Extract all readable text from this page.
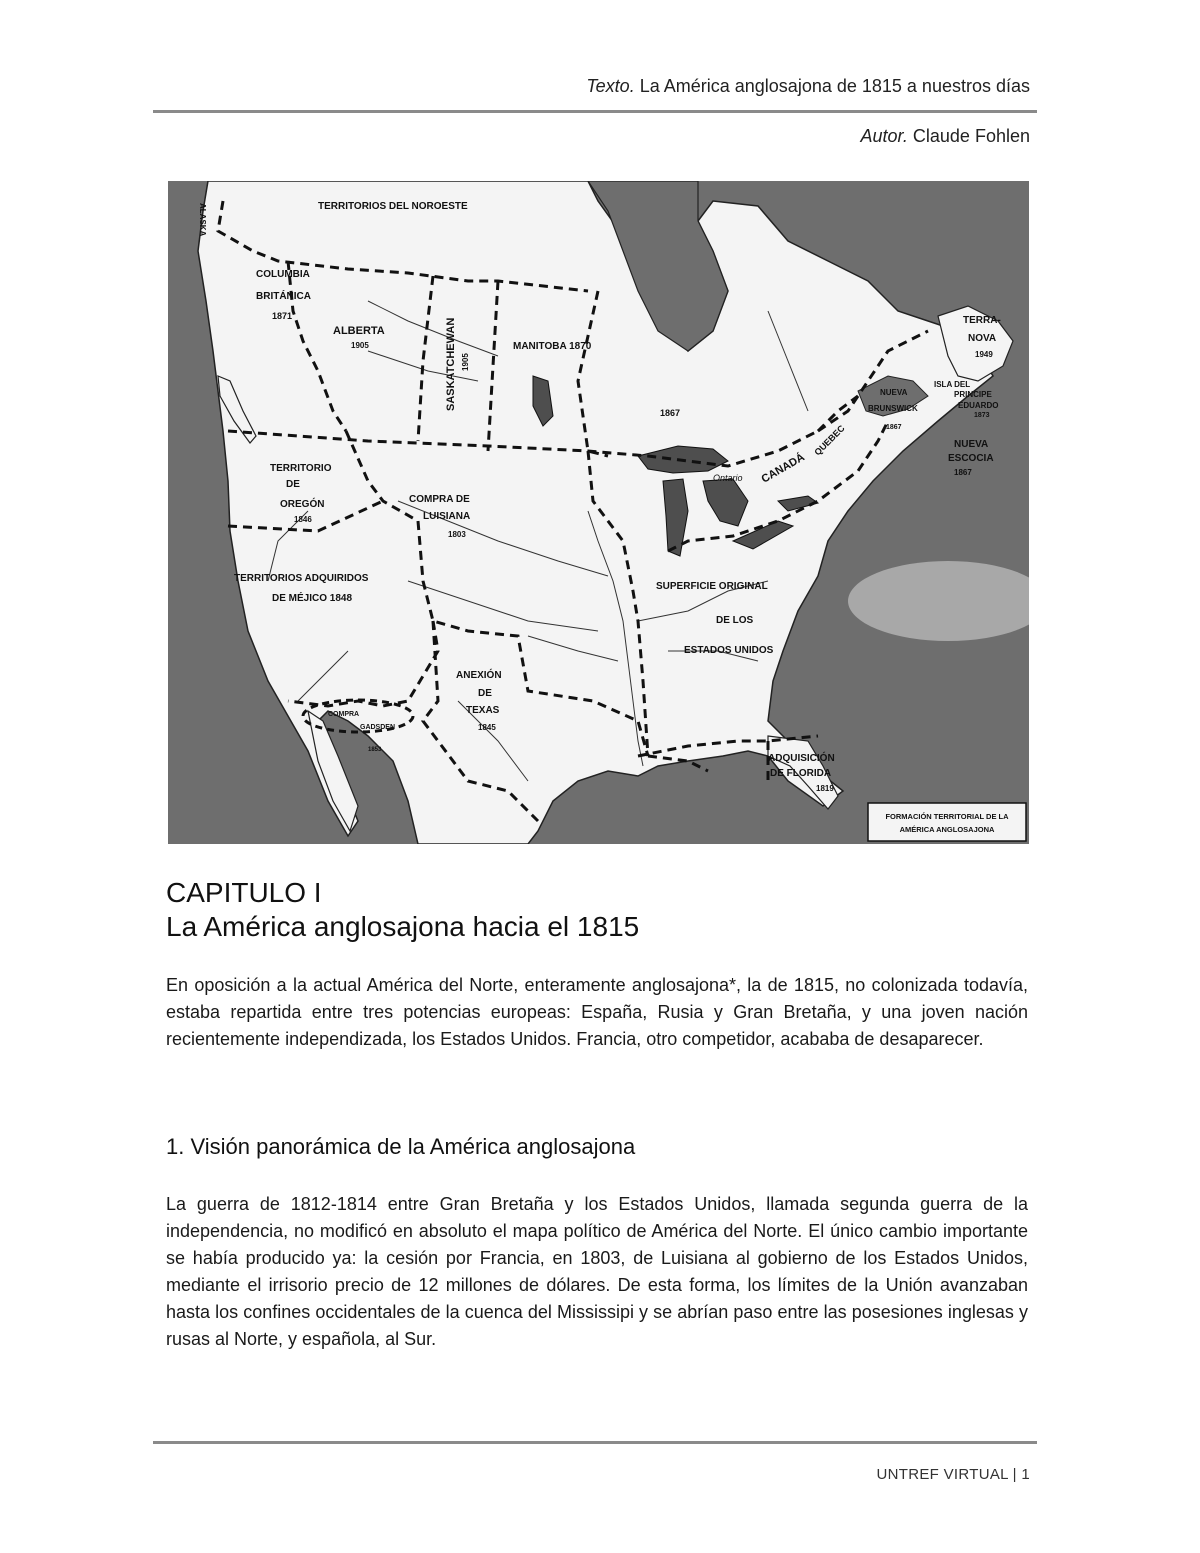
Texto. La América anglosajona de 1815 a nuestros días
Autor. Claude Fohlen
ALASKA	TERRITORIOS DEL NOROESTE
COLUMBIA
BRITÁNICA
1871
ALBERTA
1905	SASKATCHEWAN 1905
MANITOBA 1870
1867
TERRA-
NOVA
1949
ISLA DEL
PRINCIPE
EDUARDO
1873
NUEVA
BRUNSWICK
1867
NUEVA
ESCOCIA
1867
Ontario CANADÁ
QUEBEC
TERRITORIO
DE
OREGÓN
1846
COMPRA DE
LUISIANA
1803
TERRITORIOS ADQUIRIDOS
DE MÉJICO 1848
SUPERFICIE ORIGINAL
DE LOS
ESTADOS UNIDOS
ANEXIÓN
DE
TEXAS
1845
COMPRA
GADSDEN
1853
ADQUISICIÓN
DE FLORIDA
1819
FORMACIÓN TERRITORIAL DE LA
AMÉRICA ANGLOSAJONA
CAPITULO I
La América anglosajona hacia el 1815
En oposición a la actual América del Norte, enteramente anglosajona*, la de 1815, no colonizada todavía, estaba repartida entre tres potencias europeas: España, Rusia y Gran Bretaña, y una joven nación recientemente independizada, los Estados Unidos. Francia, otro competidor, acababa de desaparecer.
1. Visión panorámica de la América anglosajona
La guerra de 1812-1814 entre Gran Bretaña y los Estados Unidos, llamada segunda guerra de la independencia, no modificó en absoluto el mapa político de América del Norte. El único cambio importante se había producido ya: la cesión por Francia, en 1803, de Luisiana al gobierno de los Estados Unidos, mediante el irrisorio precio de 12 millones de dólares. De esta forma, los límites de la Unión avanzaban hasta los confines occidentales de la cuenca del Mississipi y se abrían paso entre las posesiones inglesas y rusas al Norte, y española, al Sur.
UNTREF VIRTUAL | 1
